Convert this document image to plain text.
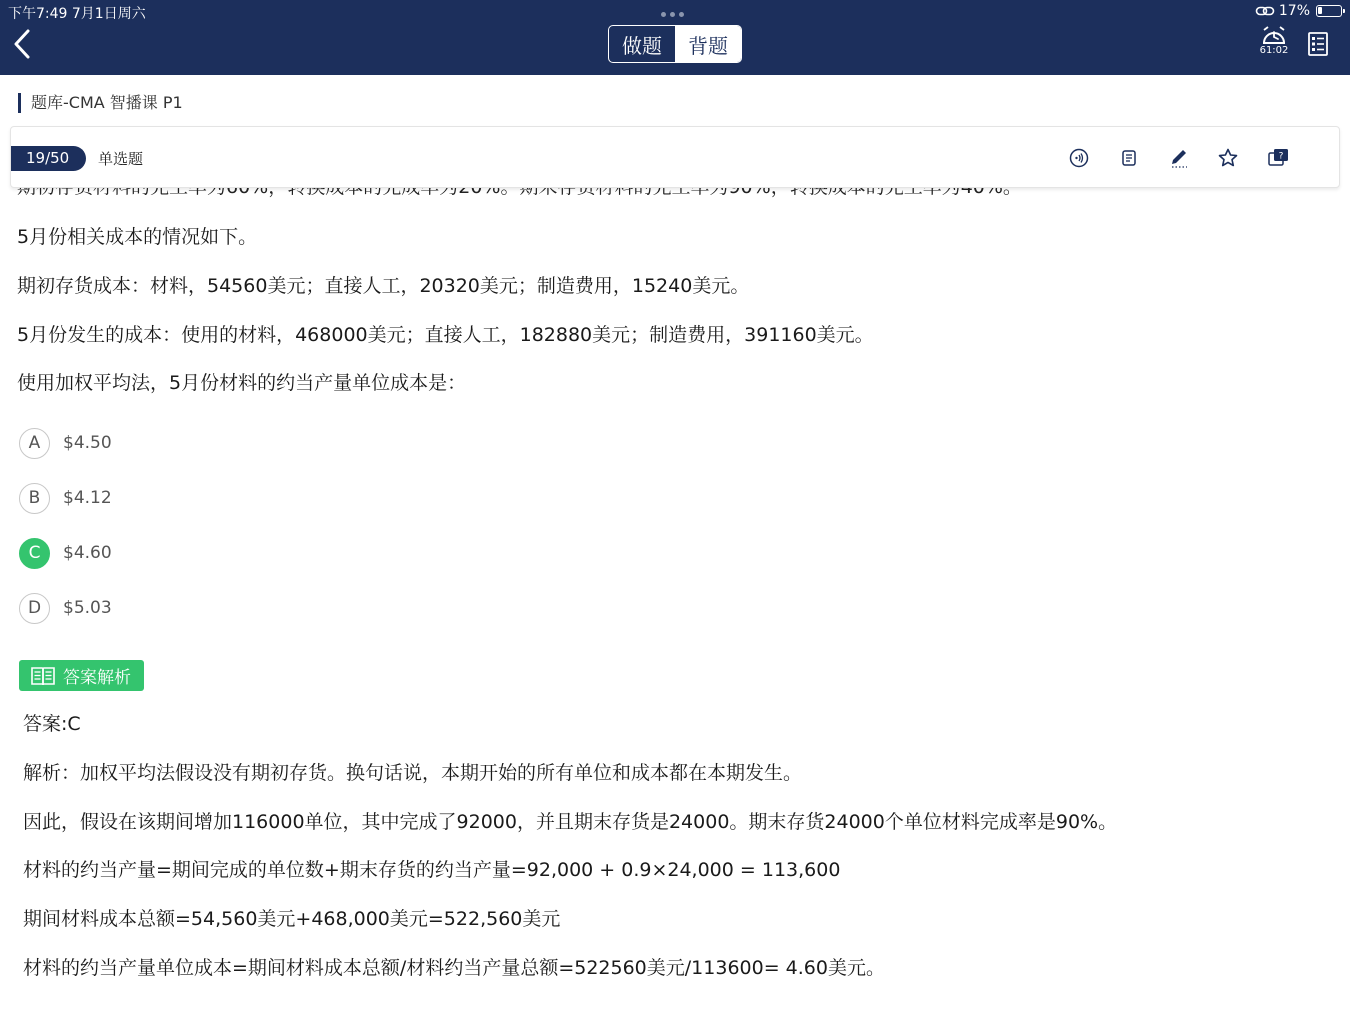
下午7:49 7月1日周六	17%
做题	背题	61:02
题库-CMA 智播课 P1
19/50	单选题	?
5月份相关成本的情况如下。
期初存货成本：材料，54560美元；直接人工，20320美元；制造费用，15240美元。
5月份发生的成本：使用的材料，468000美元；直接人工，182880美元；制造费用，391160美元。
使用加权平均法，5月份材料的约当产量单位成本是：
A	$4.50
B	$4.12
C	$4.60
D	$5.03
答案解析
答案:C
解析：加权平均法假设没有期初存货。换句话说，本期开始的所有单位和成本都在本期发生。
因此，假设在该期间增加116000单位，其中完成了92000，并且期末存货是24000。期末存货24000个单位材料完成率是90%。
材料的约当产量=期间完成的单位数+期末存货的约当产量=92,000 + 0.9×24,000 = 113,600
期间材料成本总额=54,560美元+468,000美元=522,560美元
材料的约当产量单位成本=期间材料成本总额/材料约当产量总额=522560美元/113600= 4.60美元。
